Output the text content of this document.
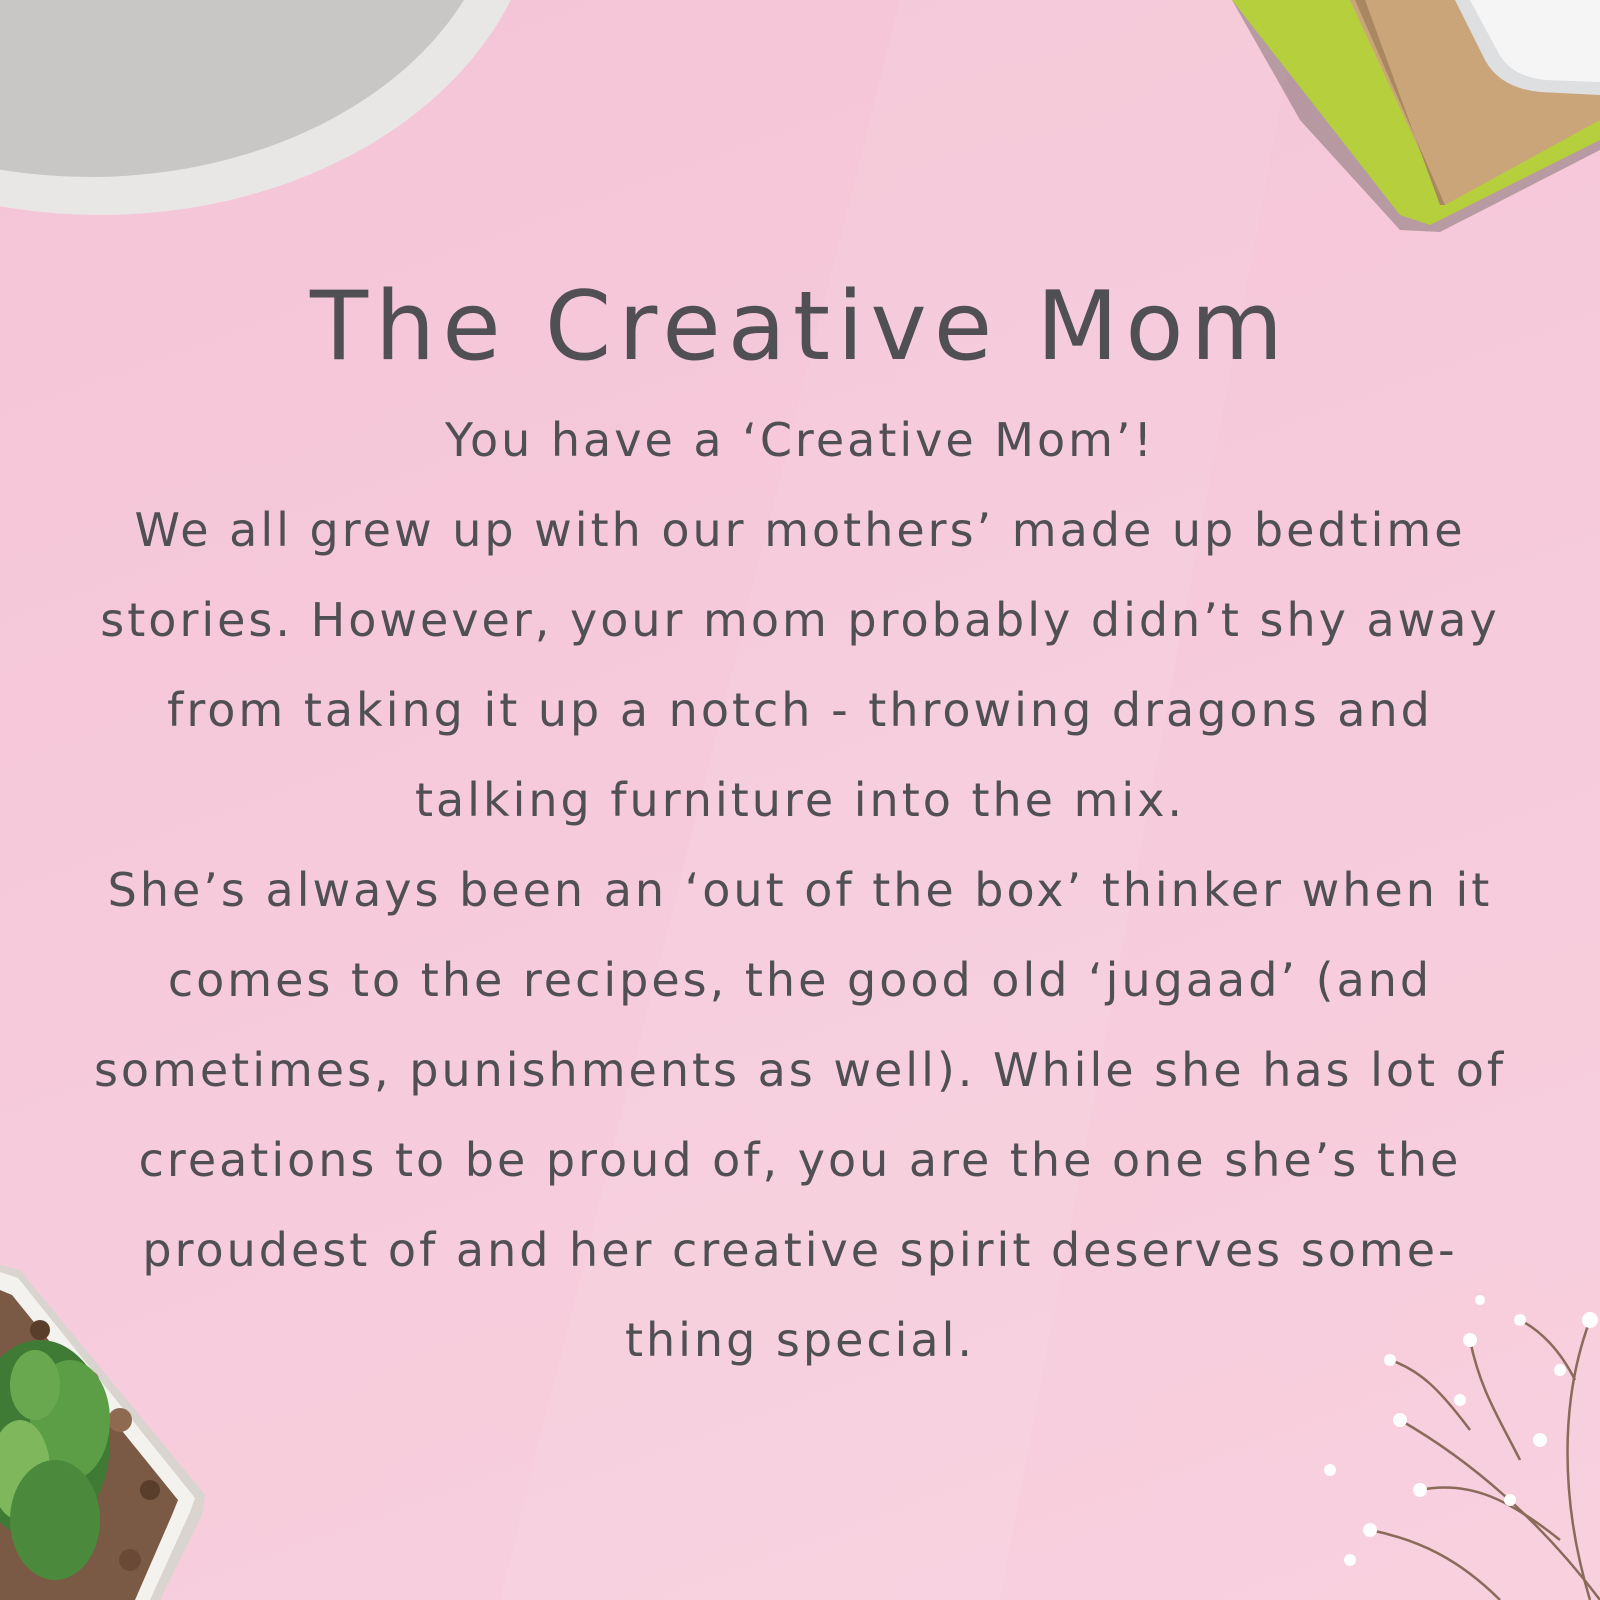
The Creative Mom

You have a ‘Creative Mom’!

We all grew up with our mothers’ made up bedtime

stories. However, your mom probably didn’t shy away

from taking it up a notch - throwing dragons and

talking furniture into the mix.

She’s always been an ‘out of the box’ thinker when it

comes to the recipes, the good old ‘jugaad’ (and

sometimes, punishments as well). While she has lot of

creations to be proud of, you are the one she’s the

proudest of and her creative spirit deserves some-

thing special.
